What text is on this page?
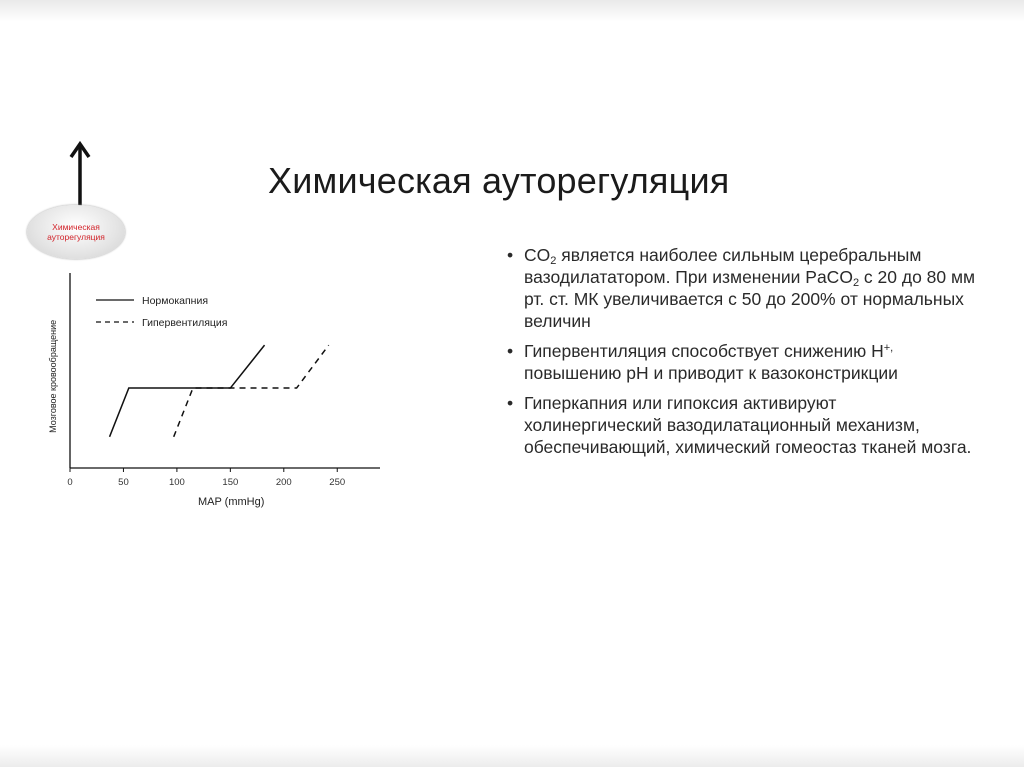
Химическая ауторегуляция
Химическая
ауторегуляция
0	50	100	150	200	250
MAP (mmHg)
Мозговое кровообращение
Нормокапния
Гипервентиляция
• $CO_2$ является наиболее сильным церебральным вазодилататором. При изменении PaCO$_2$ с 20 до 80 мм рт. ст. МК увеличивается с 50 до 200% от нормальных величин
• Гипервентиляция способствует снижению H+, повышению pH и приводит к вазоконстрикции
• Гиперкапния или гипоксия активируют холинергический вазодилатационный механизм, обеспечивающий, химический гомеостаз тканей мозга.
